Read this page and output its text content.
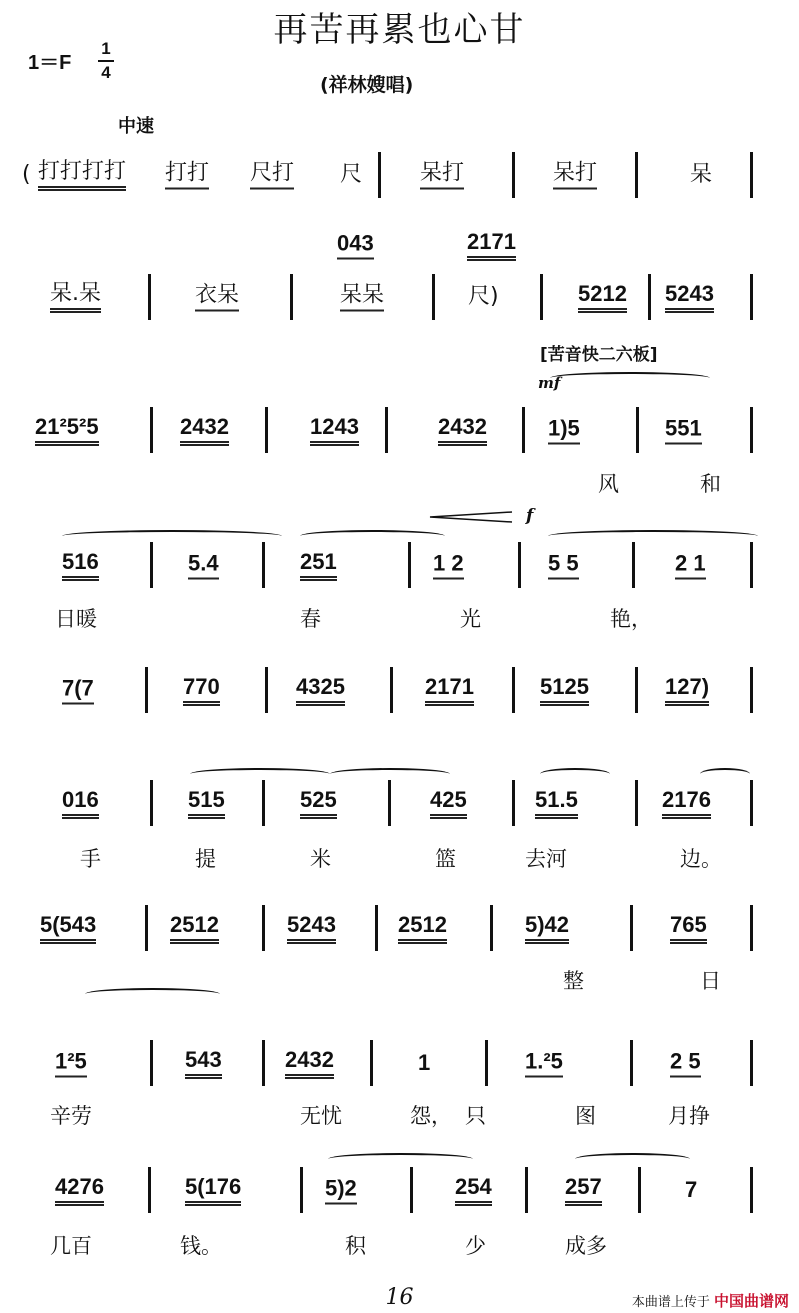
再苦再累也心甘
$1=F \frac{1}{4}$
(祥林嫂唱)
中速
[苦音快二六板]
mf
f
( 打打打打 打打 尺打 尺	呆打	呆打	呆
呆.呆	衣呆	呆呆	尺)	5212 5243
043	2171
21²5²5	2432	1243	2432	1)5	551
风	和
516	5.4	251	1 2	5 5	2 1
日暖	春	光	艳，
7(7	770	4325	2171	5125	127)
016	515	525	425	51.5	2176
手	提	米	篮	去河	边。
5(543	2512	5243	2512	5)42	765
整	日
1²5	543	2432	1	1.²5	2 5
辛劳	无忧	怨， 只	图	月挣
4276	5(176	5)2	254	257	7
几百	钱。	积	少	成多
16	本曲谱上传于 中国曲谱网
